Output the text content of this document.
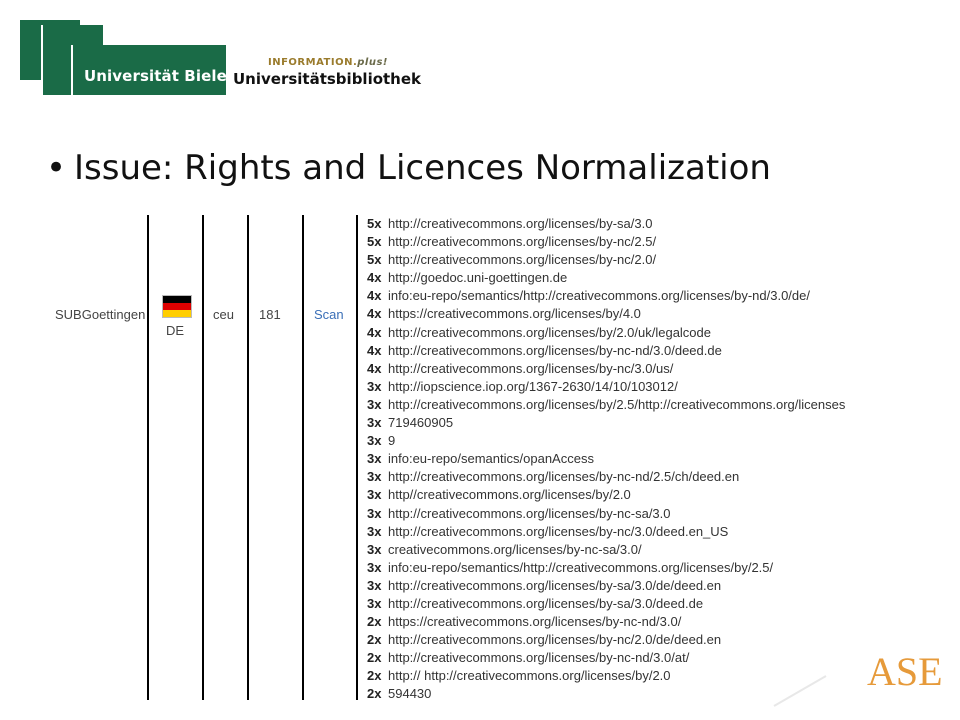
Universität Bielefeld
INFORMATION.plus!
Universitätsbibliothek
• Issue: Rights and Licences Normalization
SUBGoettingen
DE
ceu 181	Scan
5x http://creativecommons.org/licenses/by-sa/3.0
5x http://creativecommons.org/licenses/by-nc/2.5/
5x http://creativecommons.org/licenses/by-nc/2.0/
4x http://goedoc.uni-goettingen.de
4x info:eu-repo/semantics/http://creativecommons.org/licenses/by-nd/3.0/de/
4x https://creativecommons.org/licenses/by/4.0
4x http://creativecommons.org/licenses/by/2.0/uk/legalcode
4x http://creativecommons.org/licenses/by-nc-nd/3.0/deed.de
4x http://creativecommons.org/licenses/by-nc/3.0/us/
3x http://iopscience.iop.org/1367-2630/14/10/103012/
3x http://creativecommons.org/licenses/by/2.5/http://creativecommons.org/licenses
3x 719460905
3x 9
3x info:eu-repo/semantics/opanAccess
3x http://creativecommons.org/licenses/by-nc-nd/2.5/ch/deed.en
3x http//creativecommons.org/licenses/by/2.0
3x http://creativecommons.org/licenses/by-nc-sa/3.0
3x http://creativecommons.org/licenses/by-nc/3.0/deed.en_US
3x creativecommons.org/licenses/by-nc-sa/3.0/
3x info:eu-repo/semantics/http://creativecommons.org/licenses/by/2.5/
3x http://creativecommons.org/licenses/by-sa/3.0/de/deed.en
3x http://creativecommons.org/licenses/by-sa/3.0/deed.de
2x https://creativecommons.org/licenses/by-nc-nd/3.0/
2x http://creativecommons.org/licenses/by-nc/2.0/de/deed.en
2x http://creativecommons.org/licenses/by-nc-nd/3.0/at/
2x http:// http://creativecommons.org/licenses/by/2.0
2x 594430	ASE
